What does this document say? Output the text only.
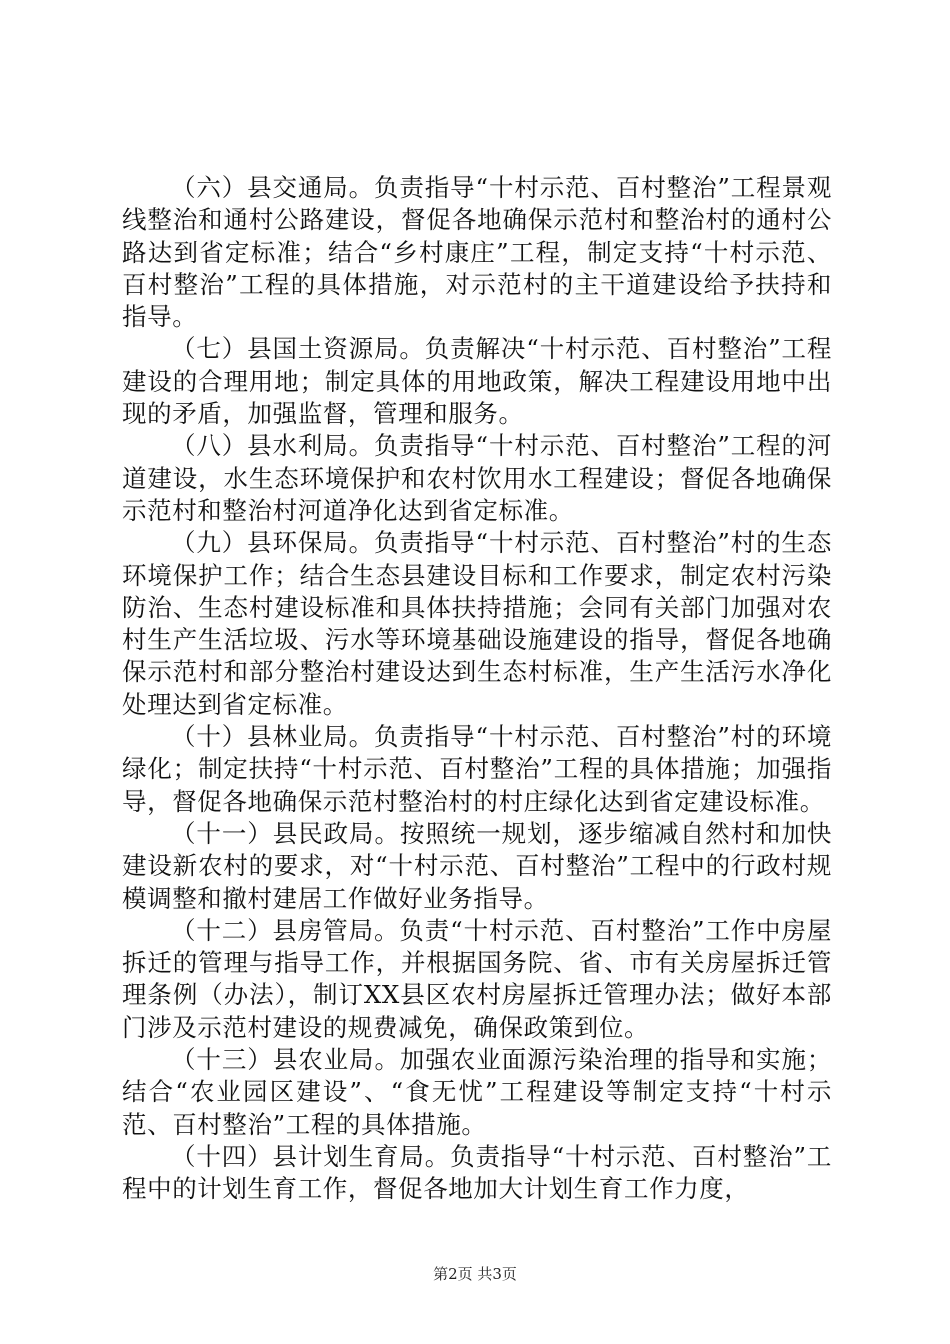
（六）县交通局。负责指导“十村示范、百村整治”工程景观线整治和通村公路建设，督促各地确保示范村和整治村的通村公路达到省定标准；结合“乡村康庄”工程，制定支持“十村示范、百村整治”工程的具体措施，对示范村的主干道建设给予扶持和指导。

（七）县国土资源局。负责解决“十村示范、百村整治”工程建设的合理用地；制定具体的用地政策，解决工程建设用地中出现的矛盾，加强监督，管理和服务。

（八）县水利局。负责指导“十村示范、百村整治”工程的河道建设，水生态环境保护和农村饮用水工程建设；督促各地确保示范村和整治村河道净化达到省定标准。

（九）县环保局。负责指导“十村示范、百村整治”村的生态环境保护工作；结合生态县建设目标和工作要求，制定农村污染防治、生态村建设标准和具体扶持措施；会同有关部门加强对农村生产生活垃圾、污水等环境基础设施建设的指导，督促各地确保示范村和部分整治村建设达到生态村标准，生产生活污水净化处理达到省定标准。

（十）县林业局。负责指导“十村示范、百村整治”村的环境绿化；制定扶持“十村示范、百村整治”工程的具体措施；加强指导，督促各地确保示范村整治村的村庄绿化达到省定建设标准。

（十一）县民政局。按照统一规划，逐步缩减自然村和加快建设新农村的要求，对“十村示范、百村整治”工程中的行政村规模调整和撤村建居工作做好业务指导。

（十二）县房管局。负责“十村示范、百村整治”工作中房屋拆迁的管理与指导工作，并根据国务院、省、市有关房屋拆迁管理条例（办法），制订XX县区农村房屋拆迁管理办法；做好本部门涉及示范村建设的规费减免，确保政策到位。

（十三）县农业局。加强农业面源污染治理的指导和实施；结合“农业园区建设”、“食无忧”工程建设等制定支持“十村示范、百村整治”工程的具体措施。

（十四）县计划生育局。负责指导“十村示范、百村整治”工程中的计划生育工作，督促各地加大计划生育工作力度，

第2页 共3页
